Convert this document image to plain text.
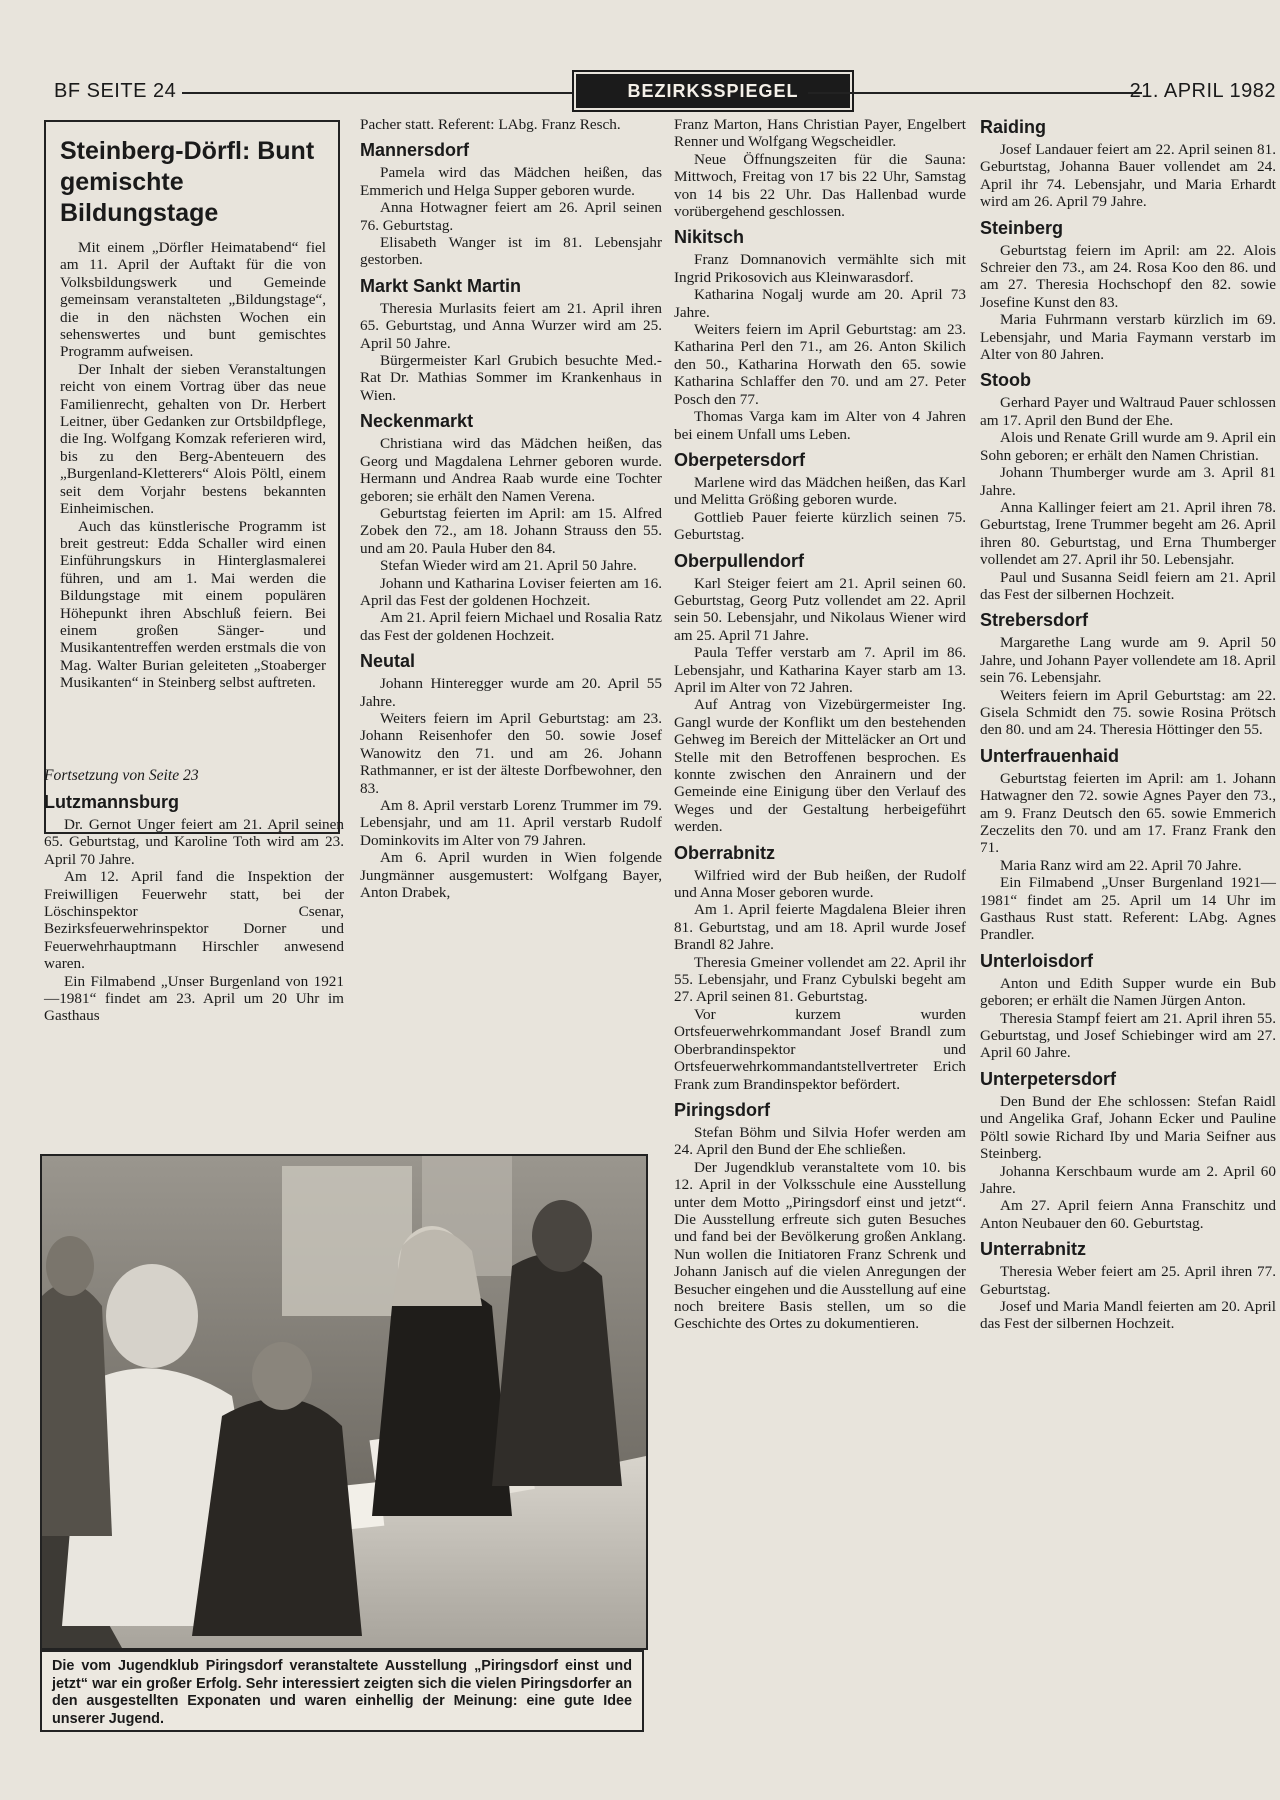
BF SEITE 24	BEZIRKSSPIEGEL	21. APRIL 1982
Steinberg-Dörfl: Bunt gemischte Bildungstage

Mit einem „Dörfler Heimatabend“ fiel am 11. April der Auftakt für die von Volksbildungswerk und Gemeinde gemeinsam veranstalteten „Bildungstage“, die in den nächsten Wochen ein sehenswertes und bunt gemischtes Programm aufweisen.

Der Inhalt der sieben Veranstaltungen reicht von einem Vortrag über das neue Familienrecht, gehalten von Dr. Herbert Leitner, über Gedanken zur Ortsbildpflege, die Ing. Wolfgang Komzak referieren wird, bis zu den Berg-Abenteuern des „Burgenland-Kletterers“ Alois Pöltl, einem seit dem Vorjahr bestens bekannten Einheimischen.

Auch das künstlerische Programm ist breit gestreut: Edda Schaller wird einen Einführungskurs in Hinterglasmalerei führen, und am 1. Mai werden die Bildungstage mit einem populären Höhepunkt ihren Abschluß feiern. Bei einem großen Sänger- und Musikantentreffen werden erstmals die von Mag. Walter Burian geleiteten „Stoaberger Musikanten“ in Steinberg selbst auftreten.

Fortsetzung von Seite 23
Lutzmannsburg

Dr. Gernot Unger feiert am 21. April seinen 65. Geburtstag, und Karoline Toth wird am 23. April 70 Jahre.

Am 12. April fand die Inspektion der Freiwilligen Feuerwehr statt, bei der Löschinspektor Csenar, Bezirksfeuerwehrinspektor Dorner und Feuerwehrhauptmann Hirschler anwesend waren.

Ein Filmabend „Unser Burgenland von 1921—1981“ findet am 23. April um 20 Uhr im Gasthaus

Pacher statt. Referent: LAbg. Franz Resch.

Mannersdorf

Pamela wird das Mädchen heißen, das Emmerich und Helga Supper geboren wurde.

Anna Hotwagner feiert am 26. April seinen 76. Geburtstag.

Elisabeth Wanger ist im 81. Lebensjahr gestorben.

Markt Sankt Martin

Theresia Murlasits feiert am 21. April ihren 65. Geburtstag, und Anna Wurzer wird am 25. April 50 Jahre.

Bürgermeister Karl Grubich besuchte Med.-Rat Dr. Mathias Sommer im Krankenhaus in Wien.

Neckenmarkt

Christiana wird das Mädchen heißen, das Georg und Magdalena Lehrner geboren wurde. Hermann und Andrea Raab wurde eine Tochter geboren; sie erhält den Namen Verena.

Geburtstag feierten im April: am 15. Alfred Zobek den 72., am 18. Johann Strauss den 55. und am 20. Paula Huber den 84.

Stefan Wieder wird am 21. April 50 Jahre.

Johann und Katharina Loviser feierten am 16. April das Fest der goldenen Hochzeit.

Am 21. April feiern Michael und Rosalia Ratz das Fest der goldenen Hochzeit.

Neutal

Johann Hinteregger wurde am 20. April 55 Jahre.

Weiters feiern im April Geburtstag: am 23. Johann Reisenhofer den 50. sowie Josef Wanowitz den 71. und am 26. Johann Rathmanner, er ist der älteste Dorfbewohner, den 83.

Am 8. April verstarb Lorenz Trummer im 79. Lebensjahr, und am 11. April verstarb Rudolf Dominkovits im Alter von 79 Jahren.

Am 6. April wurden in Wien folgende Jungmänner ausgemustert: Wolfgang Bayer, Anton Drabek,

Franz Marton, Hans Christian Payer, Engelbert Renner und Wolfgang Wegscheidler.

Neue Öffnungszeiten für die Sauna: Mittwoch, Freitag von 17 bis 22 Uhr, Samstag von 14 bis 22 Uhr. Das Hallenbad wurde vorübergehend geschlossen.

Nikitsch

Franz Domnanovich vermählte sich mit Ingrid Prikosovich aus Kleinwarasdorf.

Katharina Nogalj wurde am 20. April 73 Jahre.

Weiters feiern im April Geburtstag: am 23. Katharina Perl den 71., am 26. Anton Skilich den 50., Katharina Horwath den 65. sowie Katharina Schlaffer den 70. und am 27. Peter Posch den 77.

Thomas Varga kam im Alter von 4 Jahren bei einem Unfall ums Leben.

Oberpetersdorf

Marlene wird das Mädchen heißen, das Karl und Melitta Größing geboren wurde.

Gottlieb Pauer feierte kürzlich seinen 75. Geburtstag.

Oberpullendorf

Karl Steiger feiert am 21. April seinen 60. Geburtstag, Georg Putz vollendet am 22. April sein 50. Lebensjahr, und Nikolaus Wiener wird am 25. April 71 Jahre.

Paula Teffer verstarb am 7. April im 86. Lebensjahr, und Katharina Kayer starb am 13. April im Alter von 72 Jahren.

Auf Antrag von Vizebürgermeister Ing. Gangl wurde der Konflikt um den bestehenden Gehweg im Bereich der Mitteläcker an Ort und Stelle mit den Betroffenen besprochen. Es konnte zwischen den Anrainern und der Gemeinde eine Einigung über den Verlauf des Weges und der Gestaltung herbeigeführt werden.

Oberrabnitz

Wilfried wird der Bub heißen, der Rudolf und Anna Moser geboren wurde.

Am 1. April feierte Magdalena Bleier ihren 81. Geburtstag, und am 18. April wurde Josef Brandl 82 Jahre.

Theresia Gmeiner vollendet am 22. April ihr 55. Lebensjahr, und Franz Cybulski begeht am 27. April seinen 81. Geburtstag.

Vor kurzem wurden Ortsfeuerwehrkommandant Josef Brandl zum Oberbrandinspektor und Ortsfeuerwehrkommandantstellvertreter Erich Frank zum Brandinspektor befördert.

Piringsdorf

Stefan Böhm und Silvia Hofer werden am 24. April den Bund der Ehe schließen.

Der Jugendklub veranstaltete vom 10. bis 12. April in der Volksschule eine Ausstellung unter dem Motto „Piringsdorf einst und jetzt“. Die Ausstellung erfreute sich guten Besuches und fand bei der Bevölkerung großen Anklang. Nun wollen die Initiatoren Franz Schrenk und Johann Janisch auf die vielen Anregungen der Besucher eingehen und die Ausstellung auf eine noch breitere Basis stellen, um so die Geschichte des Ortes zu dokumentieren.

Raiding

Josef Landauer feiert am 22. April seinen 81. Geburtstag, Johanna Bauer vollendet am 24. April ihr 74. Lebensjahr, und Maria Erhardt wird am 26. April 79 Jahre.

Steinberg

Geburtstag feiern im April: am 22. Alois Schreier den 73., am 24. Rosa Koo den 86. und am 27. Theresia Hochschopf den 82. sowie Josefine Kunst den 83.

Maria Fuhrmann verstarb kürzlich im 69. Lebensjahr, und Maria Faymann verstarb im Alter von 80 Jahren.

Stoob

Gerhard Payer und Waltraud Pauer schlossen am 17. April den Bund der Ehe.

Alois und Renate Grill wurde am 9. April ein Sohn geboren; er erhält den Namen Christian.

Johann Thumberger wurde am 3. April 81 Jahre.

Anna Kallinger feiert am 21. April ihren 78. Geburtstag, Irene Trummer begeht am 26. April ihren 80. Geburtstag, und Erna Thumberger vollendet am 27. April ihr 50. Lebensjahr.

Paul und Susanna Seidl feiern am 21. April das Fest der silbernen Hochzeit.

Strebersdorf

Margarethe Lang wurde am 9. April 50 Jahre, und Johann Payer vollendete am 18. April sein 76. Lebensjahr.

Weiters feiern im April Geburtstag: am 22. Gisela Schmidt den 75. sowie Rosina Prötsch den 80. und am 24. Theresia Höttinger den 55.

Unterfrauenhaid

Geburtstag feierten im April: am 1. Johann Hatwagner den 72. sowie Agnes Payer den 73., am 9. Franz Deutsch den 65. sowie Emmerich Zeczelits den 70. und am 17. Franz Frank den 71.

Maria Ranz wird am 22. April 70 Jahre.

Ein Filmabend „Unser Burgenland 1921—1981“ findet am 25. April um 14 Uhr im Gasthaus Rust statt. Referent: LAbg. Agnes Prandler.

Unterloisdorf

Anton und Edith Supper wurde ein Bub geboren; er erhält die Namen Jürgen Anton.

Theresia Stampf feiert am 21. April ihren 55. Geburtstag, und Josef Schiebinger wird am 27. April 60 Jahre.

Unterpetersdorf

Den Bund der Ehe schlossen: Stefan Raidl und Angelika Graf, Johann Ecker und Pauline Pöltl sowie Richard Iby und Maria Seifner aus Steinberg.

Johanna Kerschbaum wurde am 2. April 60 Jahre.

Am 27. April feiern Anna Franschitz und Anton Neubauer den 60. Geburtstag.

Unterrabnitz

Theresia Weber feiert am 25. April ihren 77. Geburtstag.

Josef und Maria Mandl feierten am 20. April das Fest der silbernen Hochzeit.

Die vom Jugendklub Piringsdorf veranstaltete Ausstellung „Piringsdorf einst und jetzt“ war ein großer Erfolg. Sehr interessiert zeigten sich die vielen Piringsdorfer an den ausgestellten Exponaten und waren einhellig der Meinung: eine gute Idee unserer Jugend.
